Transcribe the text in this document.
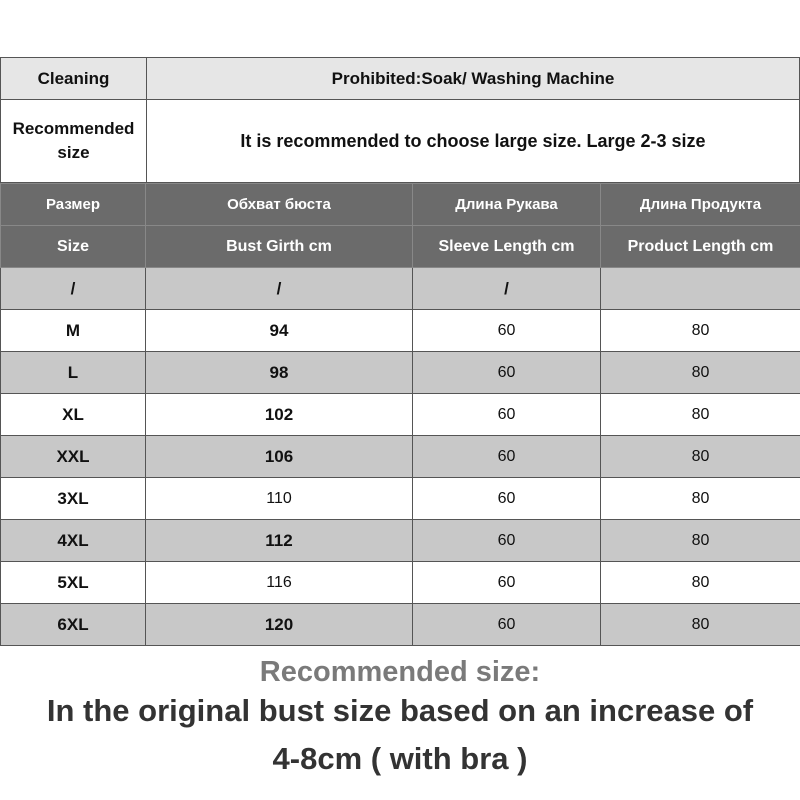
Cleaning	Prohibited:Soak/ Washing Machine
Recommended
size	It is recommended to choose large size. Large 2-3 size
Размер	Обхват бюста	Длина Рукава	Длина Продукта
Size	Bust Girth cm	Sleeve Length cm	Product Length cm
/	/	/	
M	94	60	80
L	98	60	80
XL	102	60	80
XXL	106	60	80
3XL	110	60	80
4XL	112	60	80
5XL	116	60	80
6XL	120	60	80
Recommended size:
In the original bust size based on an increase of
4-8cm ( with bra )
